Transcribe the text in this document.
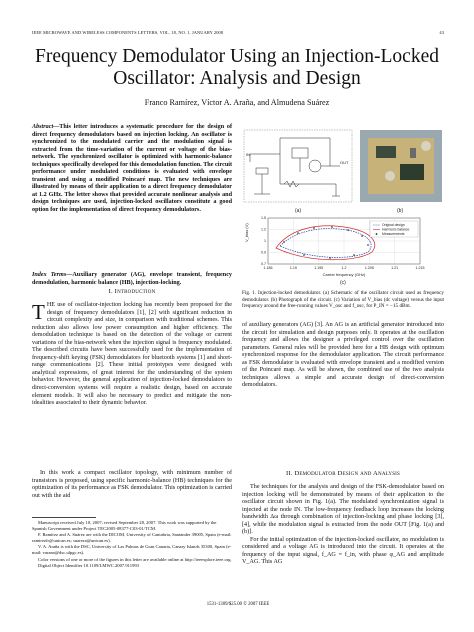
IEEE MICROWAVE AND WIRELESS COMPONENTS LETTERS, VOL. 18, NO. 1, JANUARY 2008	43
Frequency Demodulator Using an Injection-Locked Oscillator: Analysis and Design
Franco Ramírez, Víctor A. Araña, and Almudena Suárez
Abstract—This letter introduces a systematic procedure for the design of direct frequency demodulators based on injection locking. An oscillator is synchronized to the modulated carrier and the modulation signal is extracted from the time-variation of the current or voltage of the bias-network. The synchronized oscillator is optimized with harmonic-balance techniques specifically developed for this demodulation function. The circuit performance under modulated conditions is evaluated with envelope transient and using a modified Poincaré map. The new techniques are illustrated by means of their application to a direct frequency demodulator at 1.2 GHz. The letter shows that provided accurate nonlinear analysis and design techniques are used, injection-locked oscillators constitute a good option for the implementation of direct frequency demodulators.
Index Terms—Auxiliary generator (AG), envelope transient, frequency demodulation, harmonic balance (HB), injection-locking.
I. Introduction
THE use of oscillator-injection locking has recently been proposed for the design of frequency demodulators [1], [2] with significant reduction in circuit complexity and size, in comparison with traditional schemes. This reduction also allows low power consumption and higher efficiency. The demodulation technique is based on the detection of the voltage or current variations of the bias-network when the injection signal is frequency modulated. The described circuits have been successfully used for the implementation of frequency-shift keying (FSK) demodulators for bluetooth systems [1] and short-range communications [2]. These initial prototypes were designed with analytical expressions, of great interest for the understanding of the system behavior. However, the general application of injection-locked demodulators to direct-conversion systems will require a realistic design, based on accurate element models. It will also be necessary to predict and mitigate the non-idealities associated to their dynamic behavior.
In this work a compact oscillator topology, with minimum number of transistors is proposed, using specific harmonic-balance (HB) techniques for the optimization of its performance as FSK demodulator. This optimization is carried out with the aid

Manuscript received July 10, 2007; revised September 28, 2007. This work was supported by the Spanish Government under Project TEC2005-08377-C03-01/TCM.

F. Ramírez and A. Suárez are with the DICOM, University of Cantabria, Santander 39005, Spain (e-mail: ramirezfr@unican.es; suareza@unican.es).

V. A. Araña is with the DSC, University of Las Palmas de Gran Canaria, Canary Islands 35300, Spain (e-mail: varana@dsc.ulpgc.es).

Color versions of one or more of the figures in this letter are available online at http://ieeexplore.ieee.org.

Digital Object Identifier 10.1109/LMWC.2007.911993

IN
OUT
(a)	(b)
1.185	1.19	1.195	1.2	1.205	1.21	1.215
1.5
1.2
1
0.9
0.7
V_bias (V)
Carrier frequency (GHz)
Original design
Harmonic balance
Measurements
(c)
Fig. 1. Injection-locked demodulator. (a) Schematic of the oscillator circuit used as frequency demodulator. (b) Photograph of the circuit. (c) Variation of V_bias (dc voltage) versus the input frequency around the free-running values V_osc and f_osc, for P_IN = −15 dBm.
of auxiliary generators (AG) [3]. An AG is an artificial generator introduced into the circuit for simulation and design purposes only. It operates at the oscillation frequency and allows the designer a privileged control over the oscillation parameters. General rules will be provided here for a HB design with optimum synchronized response for the demodulator application. The circuit performance as FSK demodulator is evaluated with envelope transient and a modified version of the Poincaré map. As will be shown, the combined use of the two analysis techniques allows a simple and accurate design of direct-conversion demodulators.
II. Demodulator Design and Analysis
The techniques for the analysis and design of the FSK-demodulator based on injection locking will be demonstrated by means of their application to the oscillator circuit shown in Fig. 1(a). The modulated synchronization signal is injected at the node IN. The low-frequency feedback loop increases the locking bandwidth Δω through combination of injection-locking and phase locking [3], [4], while the modulation signal is extracted from the node OUT [Fig. 1(a) and (b)].
For the initial optimization of the injection-locked oscillator, no modulation is considered and a voltage AG is introduced into the circuit. It operates at the frequency of the input signal, f_AG = f_in, with phase φ_AG and amplitude V_AG. This AG
1531-1309/$25.00 © 2007 IEEE
